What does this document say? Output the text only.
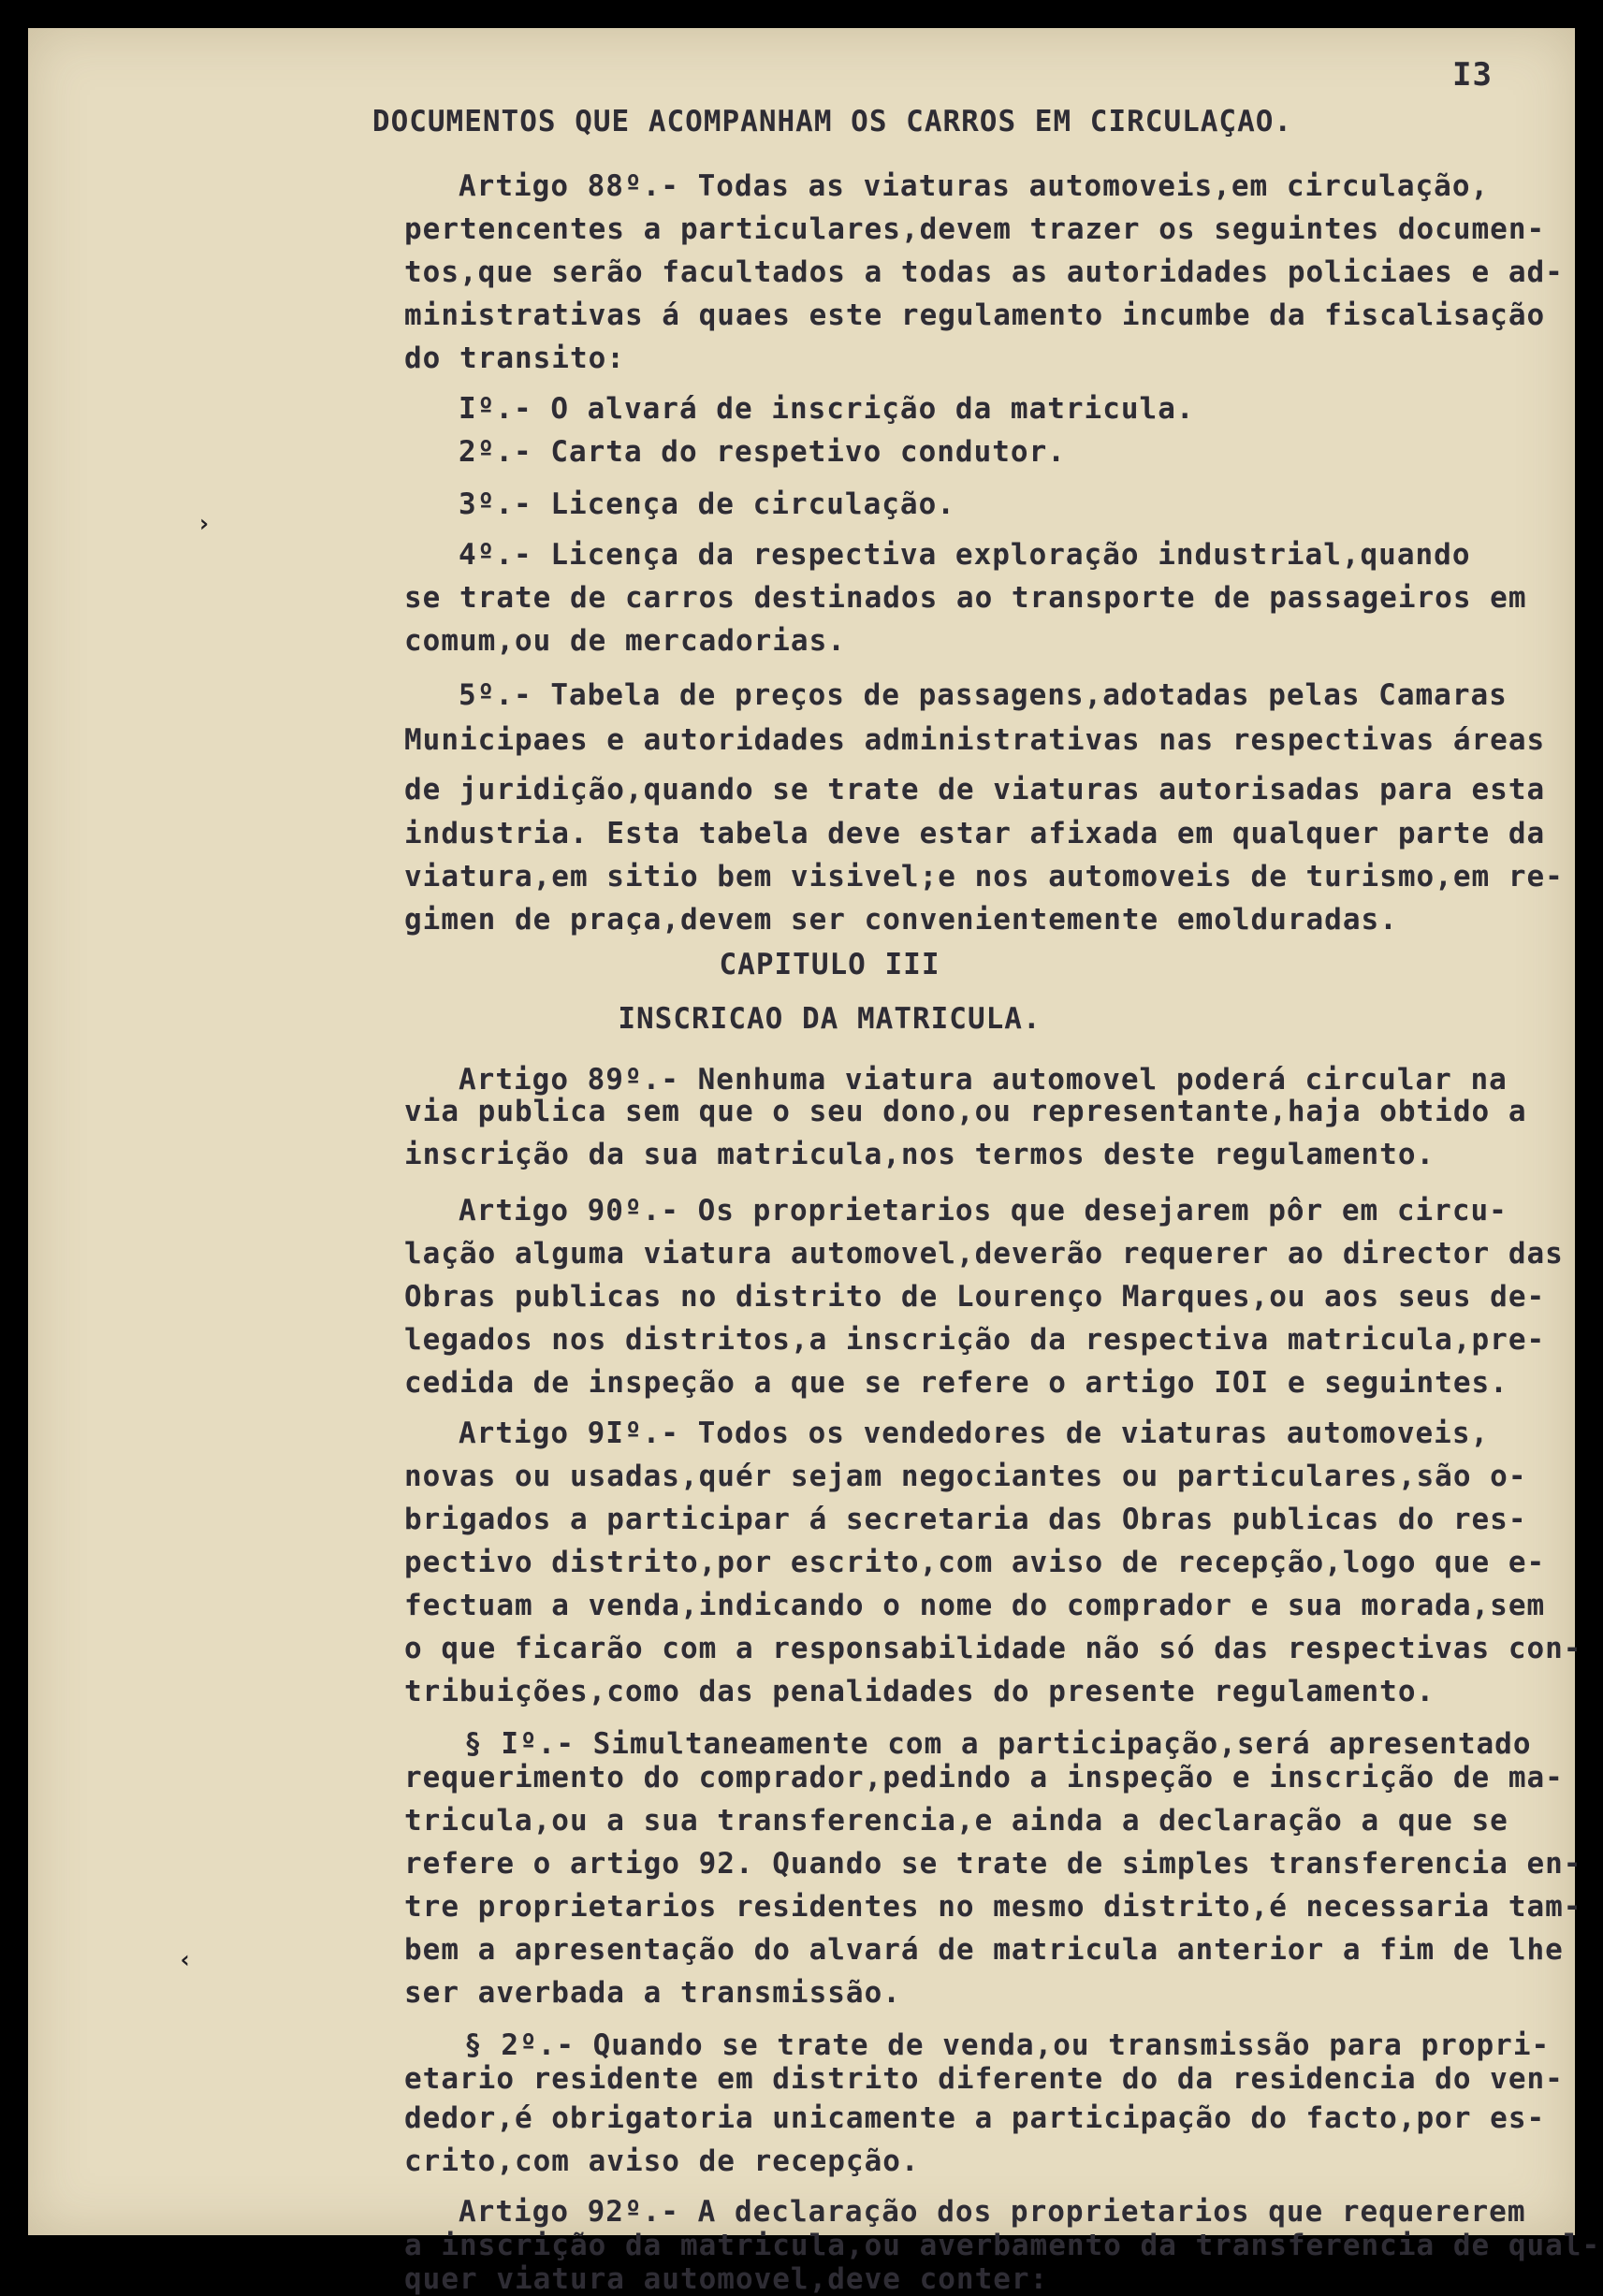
I3
DOCUMENTOS QUE ACOMPANHAM OS CARROS EM CIRCULAÇAO.
Artigo 88º.- Todas as viaturas automoveis,em circulação,
pertencentes a particulares,devem trazer os seguintes documen-
tos,que serão facultados a todas as autoridades policiaes e ad-
ministrativas á quaes este regulamento incumbe da fiscalisação
do transito:
Iº.- O alvará de inscrição da matricula.
2º.- Carta do respetivo condutor.
3º.- Licença de circulação.
4º.- Licença da respectiva exploração industrial,quando
se trate de carros destinados ao transporte de passageiros em
comum,ou de mercadorias.
5º.- Tabela de preços de passagens,adotadas pelas Camaras
Municipaes e autoridades administrativas nas respectivas áreas
de juridição,quando se trate de viaturas autorisadas para esta
industria. Esta tabela deve estar afixada em qualquer parte da
viatura,em sitio bem visivel;e nos automoveis de turismo,em re-
gimen de praça,devem ser convenientemente emolduradas.
CAPITULO III
INSCRICAO DA MATRICULA.
Artigo 89º.- Nenhuma viatura automovel poderá circular na
via publica sem que o seu dono,ou representante,haja obtido a
inscrição da sua matricula,nos termos deste regulamento.
Artigo 90º.- Os proprietarios que desejarem pôr em circu-
lação alguma viatura automovel,deverão requerer ao director das
Obras publicas no distrito de Lourenço Marques,ou aos seus de-
legados nos distritos,a inscrição da respectiva matricula,pre-
cedida de inspeção a que se refere o artigo IOI e seguintes.
Artigo 9Iº.- Todos os vendedores de viaturas automoveis,
novas ou usadas,quér sejam negociantes ou particulares,são o-
brigados a participar á secretaria das Obras publicas do res-
pectivo distrito,por escrito,com aviso de recepção,logo que e-
fectuam a venda,indicando o nome do comprador e sua morada,sem
o que ficarão com a responsabilidade não só das respectivas con-
tribuições,como das penalidades do presente regulamento.
§ Iº.- Simultaneamente com a participação,será apresentado
requerimento do comprador,pedindo a inspeção e inscrição de ma-
tricula,ou a sua transferencia,e ainda a declaração a que se
refere o artigo 92. Quando se trate de simples transferencia en-
tre proprietarios residentes no mesmo distrito,é necessaria tam-
bem a apresentação do alvará de matricula anterior a fim de lhe
ser averbada a transmissão.
§ 2º.- Quando se trate de venda,ou transmissão para propri-
etario residente em distrito diferente do da residencia do ven-
dedor,é obrigatoria unicamente a participação do facto,por es-
crito,com aviso de recepção.
Artigo 92º.- A declaração dos proprietarios que requererem
a inscrição da matricula,ou averbamento da transferencia de qual-
quer viatura automovel,deve conter:
›
‹
